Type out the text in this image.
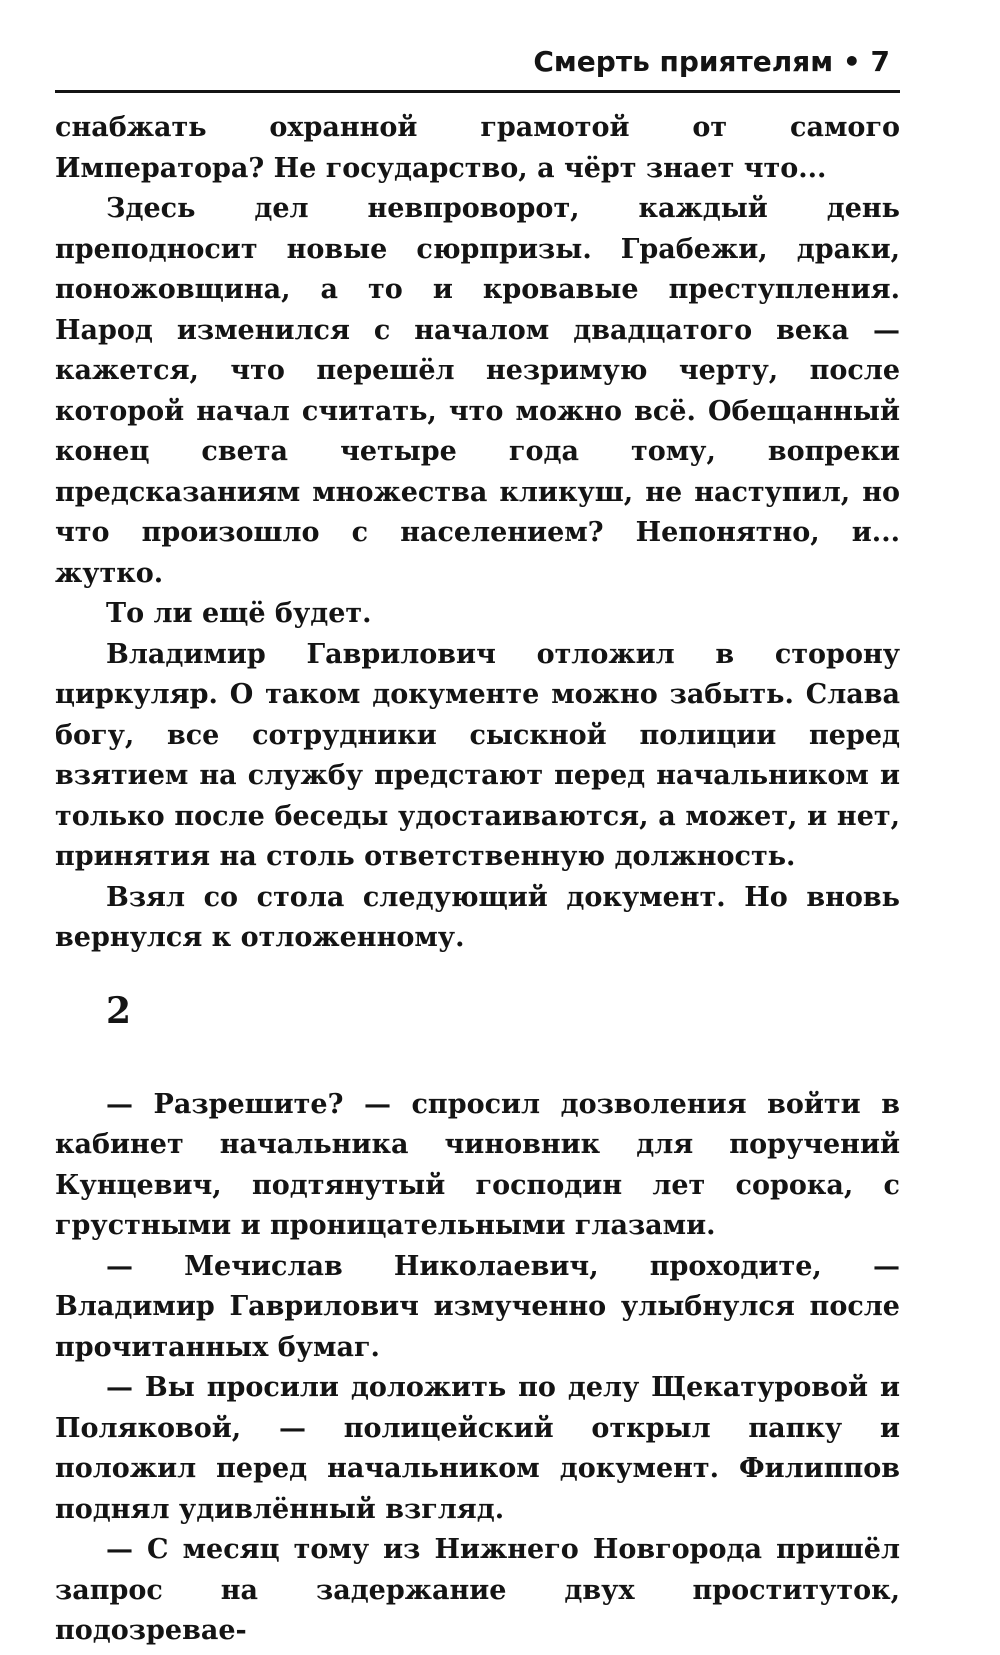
Смерть приятелям • 7

снабжать охранной грамотой от самого Императора? Не государство, а чёрт знает что...

Здесь дел невпроворот, каждый день преподносит новые сюрпризы. Грабежи, драки, поножовщина, а то и кровавые преступления. Народ изменился с началом двадцатого века — кажется, что перешёл незримую черту, после которой начал считать, что можно всё. Обещанный конец света четыре года тому, вопреки предсказаниям множества кликуш, не наступил, но что произошло с населением? Непонятно, и... жутко.

То ли ещё будет.

Владимир Гаврилович отложил в сторону циркуляр. О таком документе можно забыть. Слава богу, все сотрудники сыскной полиции перед взятием на службу предстают перед начальником и только после беседы удостаиваются, а может, и нет, принятия на столь ответственную должность.

Взял со стола следующий документ. Но вновь вернулся к отложенному.

2

— Разрешите? — спросил дозволения войти в кабинет начальника чиновник для поручений Кунцевич, подтянутый господин лет сорока, с грустными и проницательными глазами.

— Мечислав Николаевич, проходите, — Владимир Гаврилович измученно улыбнулся после прочитанных бумаг.

— Вы просили доложить по делу Щекатуровой и Поляковой, — полицейский открыл папку и положил перед начальником документ. Филиппов поднял удивлённый взгляд.

— С месяц тому из Нижнего Новгорода пришёл запрос на задержание двух проституток, подозревае-
